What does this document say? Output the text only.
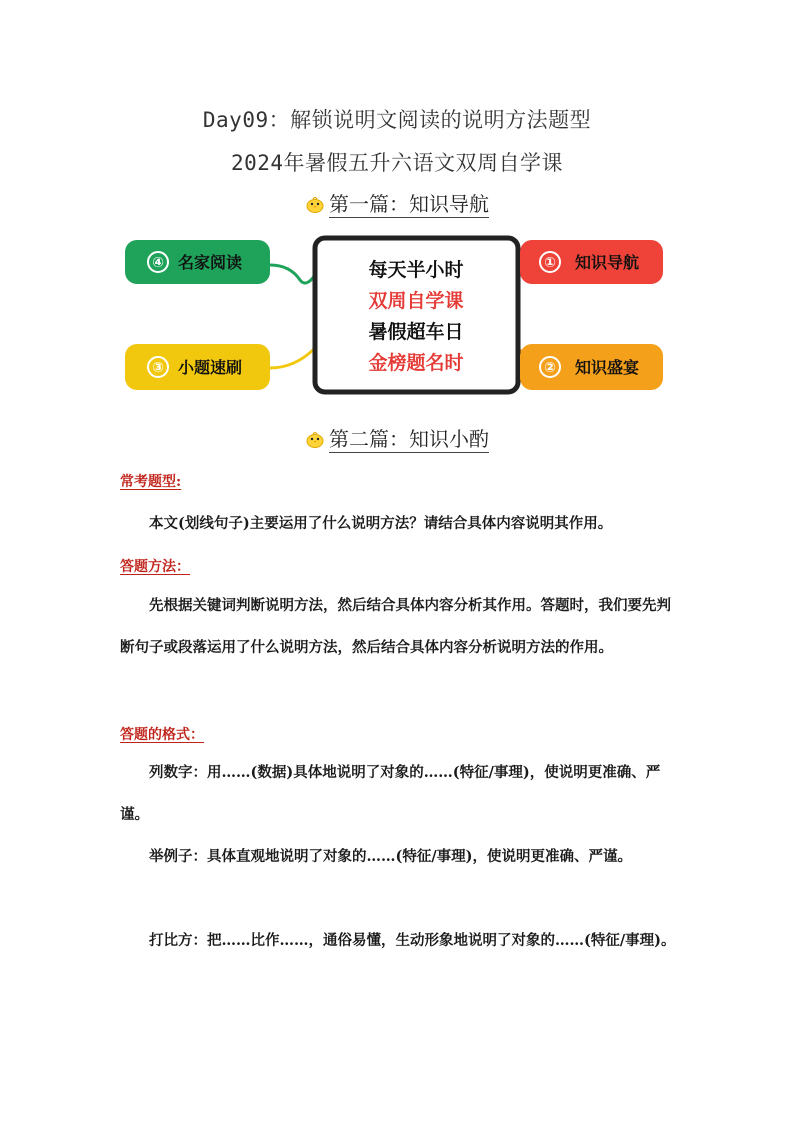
Day09：解锁说明文阅读的说明方法题型
2024年暑假五升六语文双周自学课
第一篇：知识导航
④ 名家阅读
③ 小题速刷
每天半小时
双周自学课
暑假超车日
金榜题名时
① 知识导航
② 知识盛宴
第二篇：知识小酌
常考题型:
本文(划线句子)主要运用了什么说明方法？请结合具体内容说明其作用。
答题方法：
先根据关键词判断说明方法，然后结合具体内容分析其作用。答题时，我们要先判断句子或段落运用了什么说明方法，然后结合具体内容分析说明方法的作用。
答题的格式：
列数字：用……(数据)具体地说明了对象的……(特征/事理)，使说明更准确、严谨。
举例子：具体直观地说明了对象的……(特征/事理)，使说明更准确、严谨。
打比方：把……比作……，通俗易懂，生动形象地说明了对象的……(特征/事理)。
